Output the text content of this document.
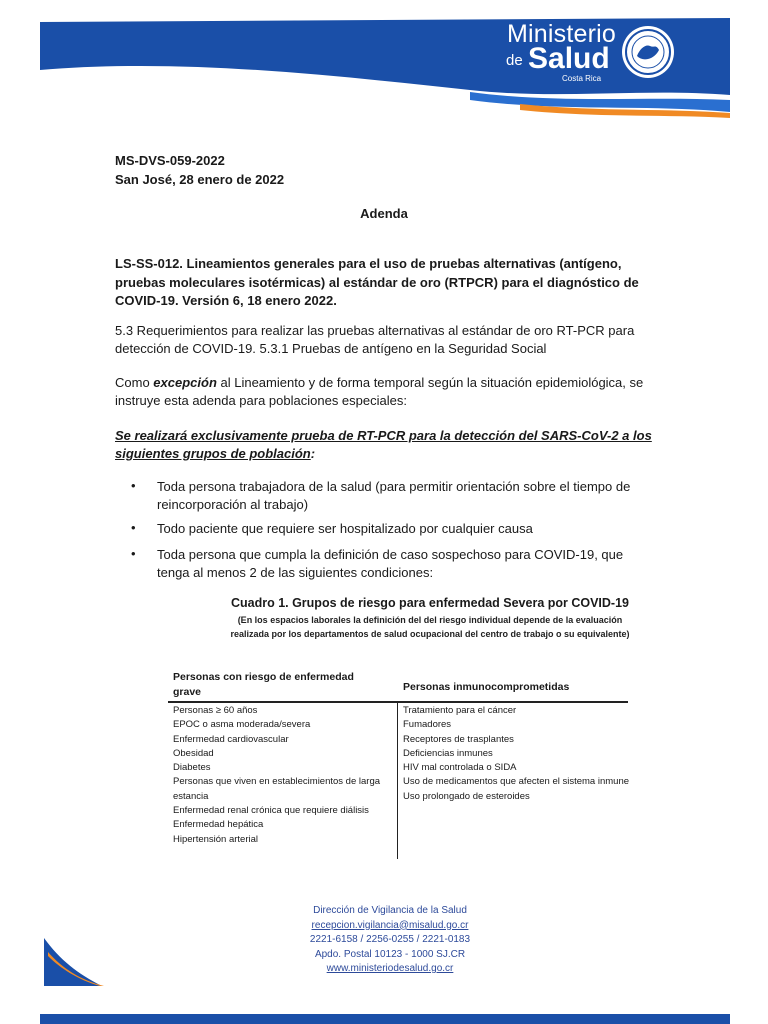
Ministerio
de Salud
Costa Rica
MS-DVS-059-2022
San José, 28 enero de 2022
Adenda
LS-SS-012. Lineamientos generales para el uso de pruebas alternativas (antígeno, pruebas moleculares isotérmicas) al estándar de oro (RTPCR) para el diagnóstico de COVID-19. Versión 6, 18 enero 2022.
5.3 Requerimientos para realizar las pruebas alternativas al estándar de oro RT-PCR para detección de COVID-19. 5.3.1 Pruebas de antígeno en la Seguridad Social
Como excepción al Lineamiento y de forma temporal según la situación epidemiológica, se instruye esta adenda para poblaciones especiales:
Se realizará exclusivamente prueba de RT-PCR para la detección del SARS-CoV-2 a los siguientes grupos de población:
• Toda persona trabajadora de la salud (para permitir orientación sobre el tiempo de reincorporación al trabajo)
• Todo paciente que requiere ser hospitalizado por cualquier causa
• Toda persona que cumpla la definición de caso sospechoso para COVID-19, que tenga al menos 2 de las siguientes condiciones:
Cuadro 1. Grupos de riesgo para enfermedad Severa por COVID-19
(En los espacios laborales la definición del del riesgo individual depende de la evaluación realizada por los departamentos de salud ocupacional del centro de trabajo o su equivalente)
Personas con riesgo de enfermedad grave	Personas inmunocomprometidas
Personas ≥ 60 años
EPOC o asma moderada/severa
Enfermedad cardiovascular
Obesidad
Diabetes
Personas que viven en establecimientos de larga estancia
Enfermedad renal crónica que requiere diálisis
Enfermedad hepática
Hipertensión arterial
Tratamiento para el cáncer
Fumadores
Receptores de trasplantes
Deficiencias inmunes
HIV mal controlada o SIDA
Uso de medicamentos que afecten el sistema inmune
Uso prolongado de esteroides
Dirección de Vigilancia de la Salud
recepcion.vigilancia@misalud.go.cr
2221-6158 / 2256-0255 / 2221-0183
Apdo. Postal 10123 - 1000 SJ.CR
www.ministeriodesalud.go.cr
